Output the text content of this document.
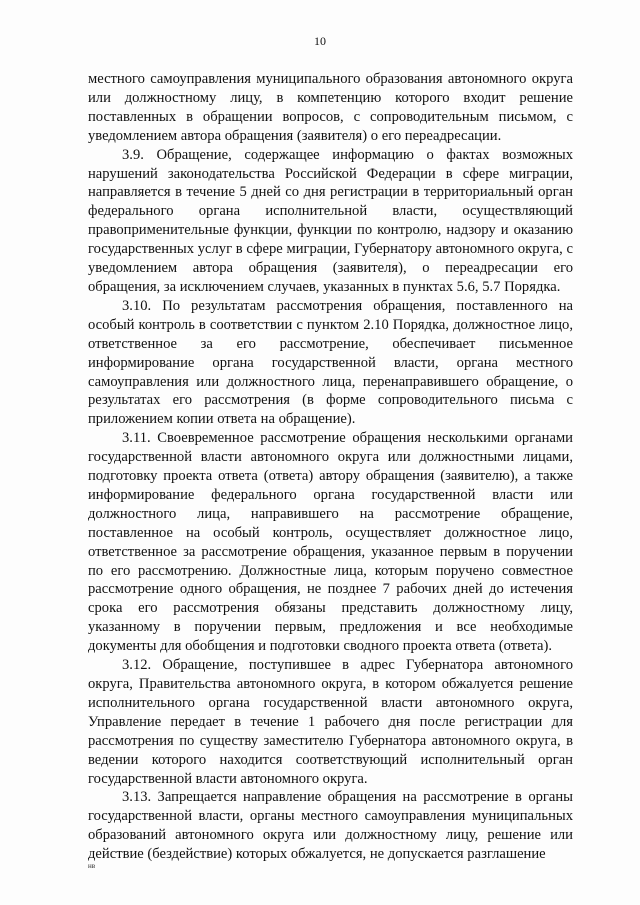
10

местного самоуправления муниципального образования автономного округа или должностному лицу, в компетенцию которого входит решение поставленных в обращении вопросов, с сопроводительным письмом, с уведомлением автора обращения (заявителя) о его переадресации.

3.9. Обращение, содержащее информацию о фактах возможных нарушений законодательства Российской Федерации в сфере миграции, направляется в течение 5 дней со дня регистрации в территориальный орган федерального органа исполнительной власти, осуществляющий правоприменительные функции, функции по контролю, надзору и оказанию государственных услуг в сфере миграции, Губернатору автономного округа, с уведомлением автора обращения (заявителя), о переадресации его обращения, за исключением случаев, указанных в пунктах 5.6, 5.7 Порядка.

3.10. По результатам рассмотрения обращения, поставленного на особый контроль в соответствии с пунктом 2.10 Порядка, должностное лицо, ответственное за его рассмотрение, обеспечивает письменное информирование органа государственной власти, органа местного самоуправления или должностного лица, перенаправившего обращение, о результатах его рассмотрения (в форме сопроводительного письма с приложением копии ответа на обращение).

3.11. Своевременное рассмотрение обращения несколькими органами государственной власти автономного округа или должностными лицами, подготовку проекта ответа (ответа) автору обращения (заявителю), а также информирование федерального органа государственной власти или должностного лица, направившего на рассмотрение обращение, поставленное на особый контроль, осуществляет должностное лицо, ответственное за рассмотрение обращения, указанное первым в поручении по его рассмотрению. Должностные лица, которым поручено совместное рассмотрение одного обращения, не позднее 7 рабочих дней до истечения срока его рассмотрения обязаны представить должностному лицу, указанному в поручении первым, предложения и все необходимые документы для обобщения и подготовки сводного проекта ответа (ответа).

3.12. Обращение, поступившее в адрес Губернатора автономного округа, Правительства автономного округа, в котором обжалуется решение исполнительного органа государственной власти автономного округа, Управление передает в течение 1 рабочего дня после регистрации для рассмотрения по существу заместителю Губернатора автономного округа, в ведении которого находится соответствующий исполнительный орган государственной власти автономного округа.

3.13. Запрещается направление обращения на рассмотрение в органы государственной власти, органы местного самоуправления муниципальных образований автономного округа или должностному лицу, решение или действие (бездействие) которых обжалуется, не допускается разглашение

нв
